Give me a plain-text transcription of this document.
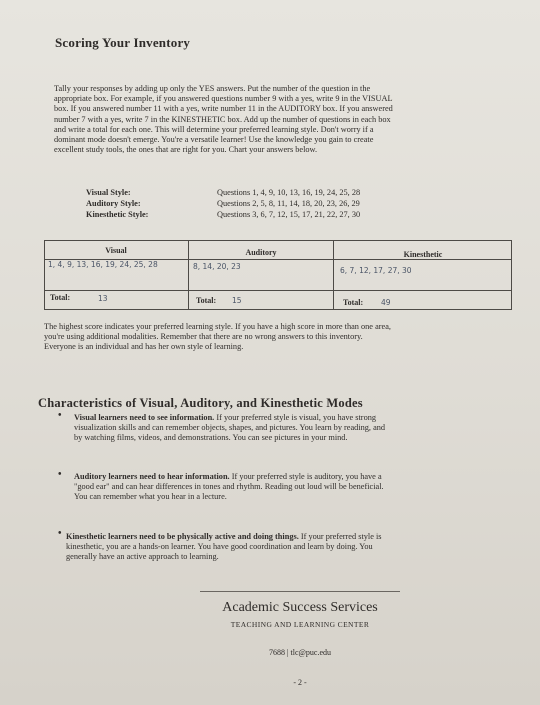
Scoring Your Inventory
Tally your responses by adding up only the YES answers. Put the number of the question in the
appropriate box. For example, if you answered questions number 9 with a yes, write 9 in the VISUAL
box. If you answered number 11 with a yes, write number 11 in the AUDITORY box. If you answered
number 7 with a yes, write 7 in the KINESTHETIC box. Add up the number of questions in each box
and write a total for each one. This will determine your preferred learning style. Don't worry if a
dominant mode doesn't emerge. You're a versatile learner! Use the knowledge you gain to create
excellent study tools, the ones that are right for you. Chart your answers below.
Visual Style:	Questions 1, 4, 9, 10, 13, 16, 19, 24, 25, 28
Auditory Style:	Questions 2, 5, 8, 11, 14, 18, 20, 23, 26, 29
Kinesthetic Style:	Questions 3, 6, 7, 12, 15, 17, 21, 22, 27, 30
Visual	Auditory	Kinesthetic
1, 4, 9, 13, 16, 19, 24, 25, 28	8, 14, 20, 23	6, 7, 12, 17, 27, 30
Total:	13	Total: 15	Total: 49
The highest score indicates your preferred learning style. If you have a high score in more than one area,
you're using additional modalities. Remember that there are no wrong answers to this inventory.
Everyone is an individual and has her own style of learning.
Characteristics of Visual, Auditory, and Kinesthetic Modes
• Visual learners need to see information. If your preferred style is visual, you have strong
visualization skills and can remember objects, shapes, and pictures. You learn by reading, and
by watching films, videos, and demonstrations. You can see pictures in your mind.
• Auditory learners need to hear information. If your preferred style is auditory, you have a
"good ear" and can hear differences in tones and rhythm. Reading out loud will be beneficial.
You can remember what you hear in a lecture.
• Kinesthetic learners need to be physically active and doing things. If your preferred style is
kinesthetic, you are a hands-on learner. You have good coordination and learn by doing. You
generally have an active approach to learning.
Academic Success Services
TEACHING AND LEARNING CENTER
7688 | tlc@puc.edu
- 2 -
